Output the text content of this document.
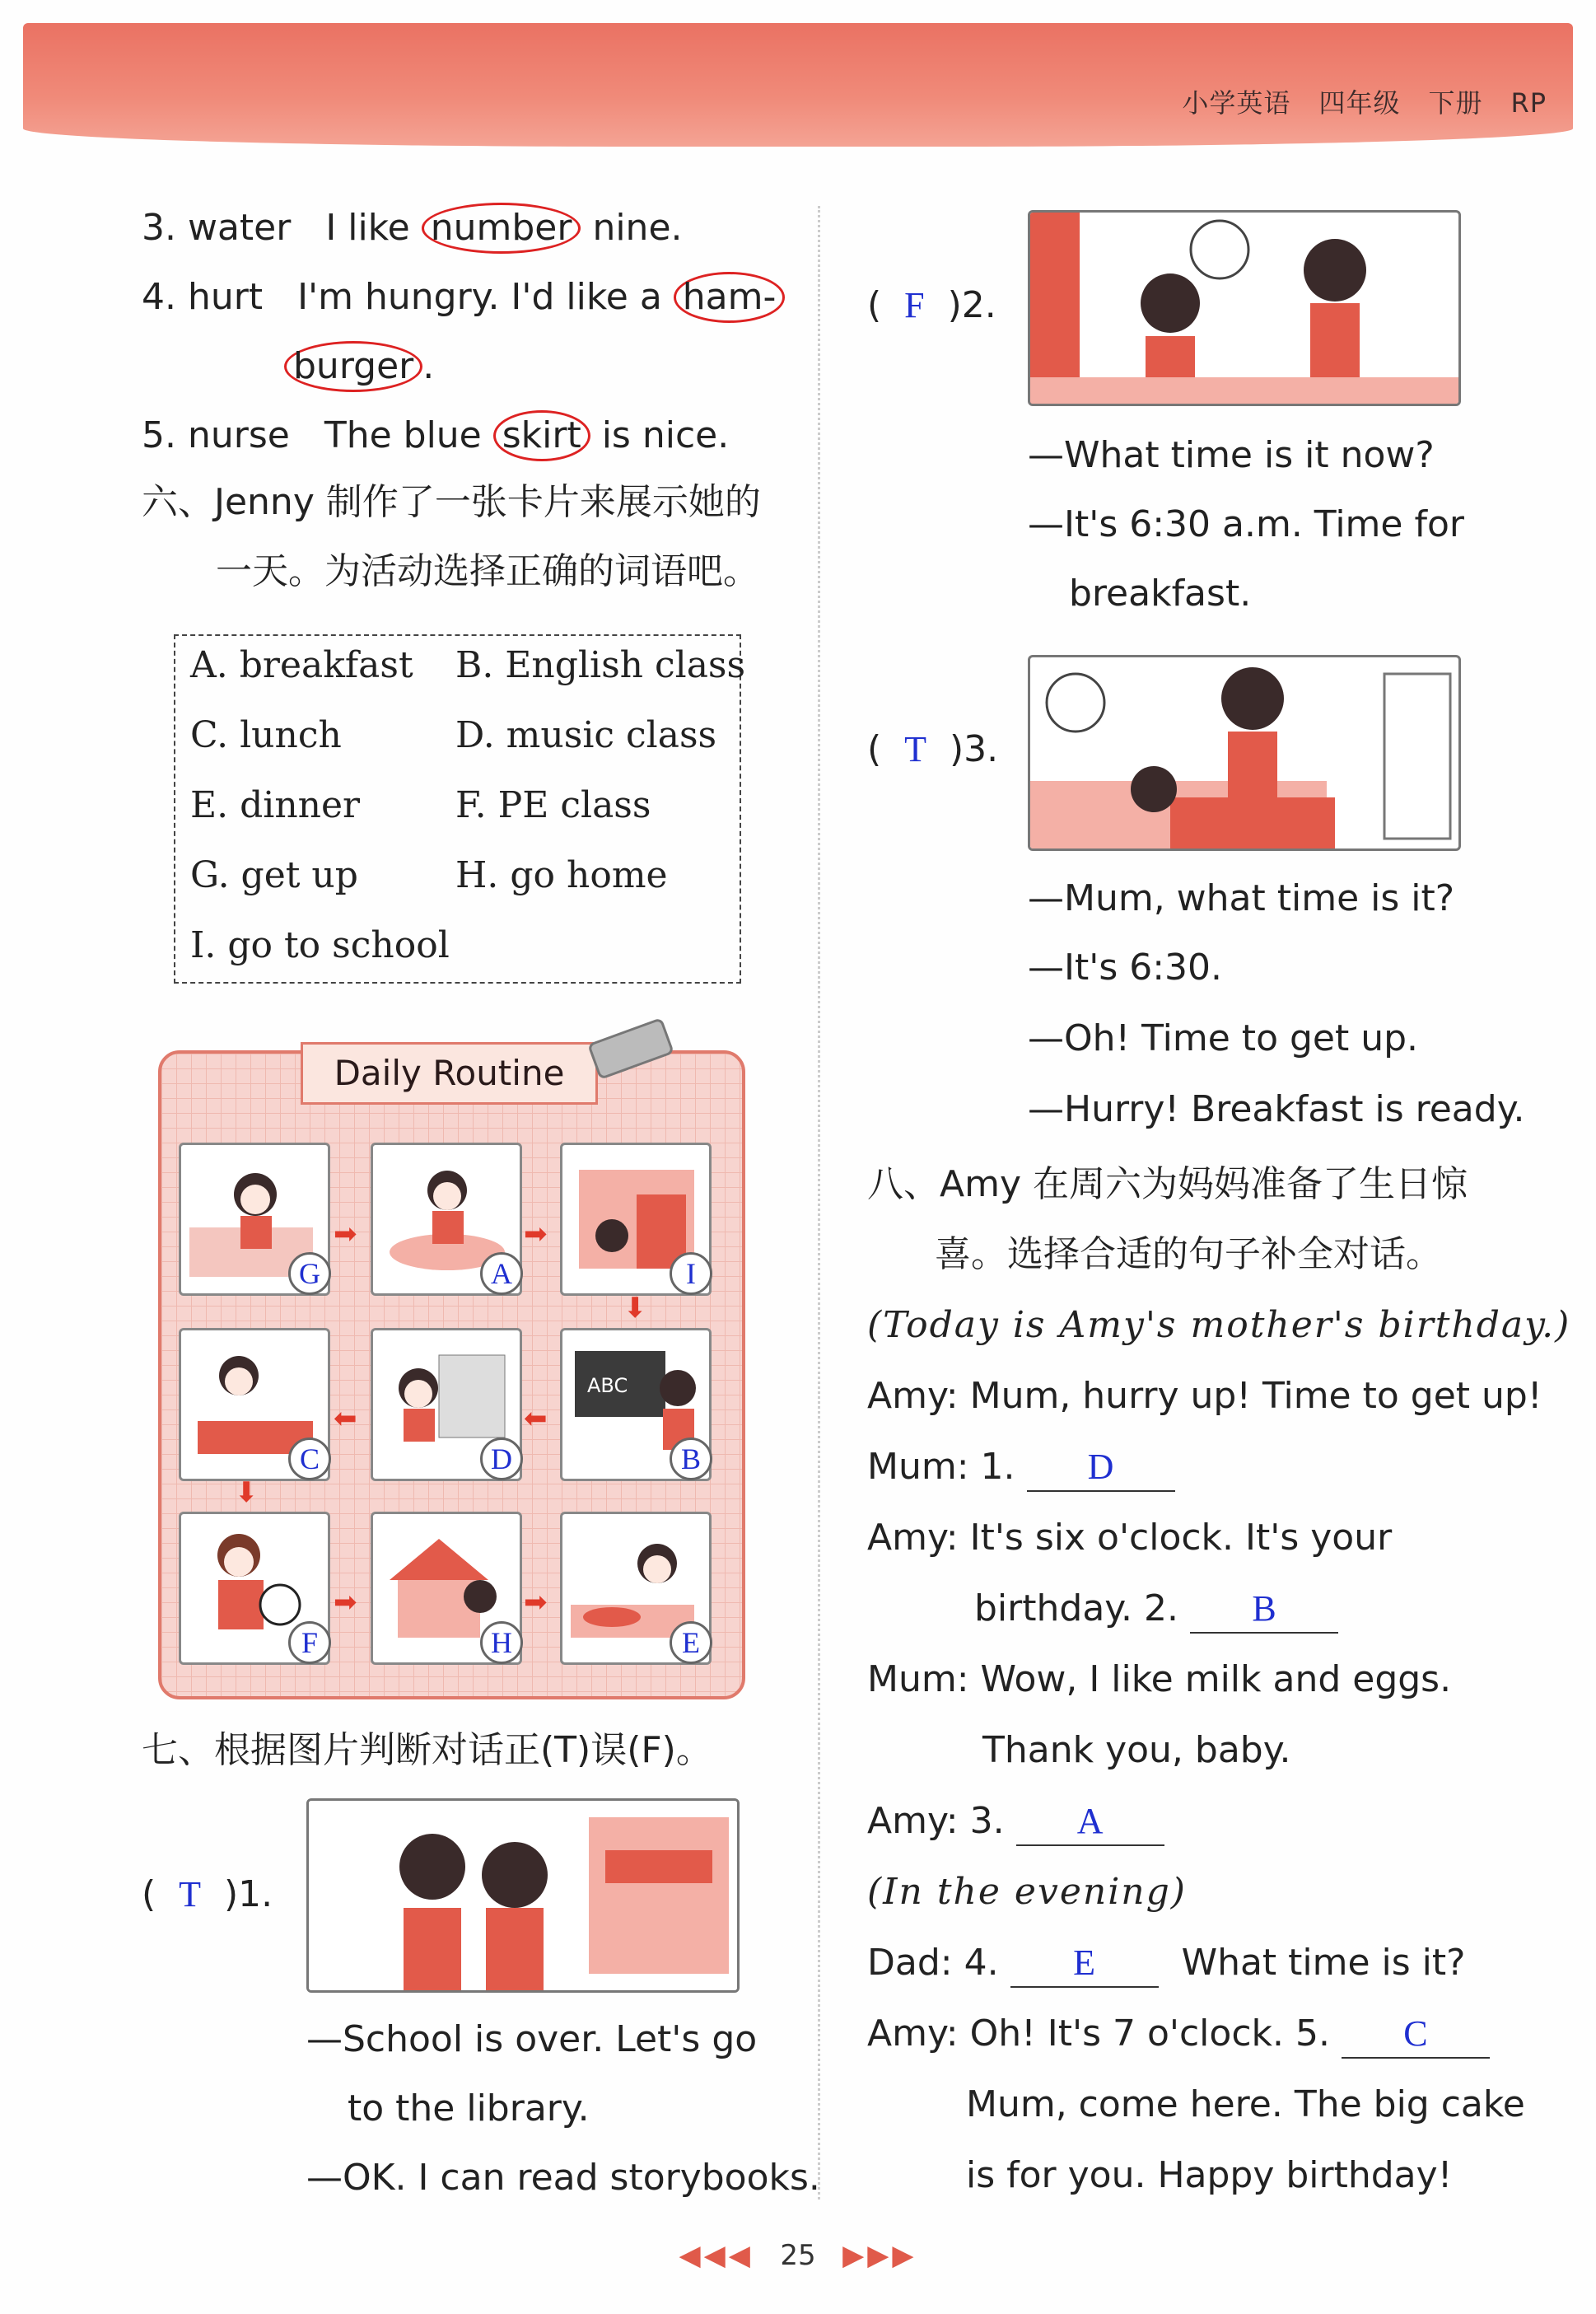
小学英语 四年级 下册 RP
3. water I like number nine.
4. hurt I'm hungry. I'd like a ham-
burger .
5. nurse The blue skirt is nice.
六、Jenny 制作了一张卡片来展示她的
一天。为活动选择正确的词语吧。
A. breakfast B. English class
C. lunch	D. music class
E. dinner	F. PE class
G. get up	H. go home
I. go to school
Daily Routine
G	A	I
C	D
ABC
B
F	H	E
➡	➡
⬇
⬅
⬅
⬇
➡	➡
七、根据图片判断对话正(T)误(F)。
(  T )1.
—School is over. Let's go
to the library.
—OK. I can read storybooks.
(  F )2.
—What time is it now?
—It's 6:30 a.m. Time for
breakfast.
(  T )3.
—Mum, what time is it?
—It's 6:30.
—Oh! Time to get up.
—Hurry! Breakfast is ready.
八、Amy 在周六为妈妈准备了生日惊
喜。选择合适的句子补全对话。
(Today is Amy's mother's birthday.)
Amy: Mum, hurry up! Time to get up!
Mum: 1. D
Amy: It's six o'clock. It's your
birthday. 2. B
Mum: Wow, I like milk and eggs.
Thank you, baby.
Amy: 3. A
(In the evening)
Dad: 4. E What time is it?
Amy: Oh! It's 7 o'clock. 5. C
Mum, come here. The big cake
is for you. Happy birthday!
◀◀◀ 25 ▶▶▶
